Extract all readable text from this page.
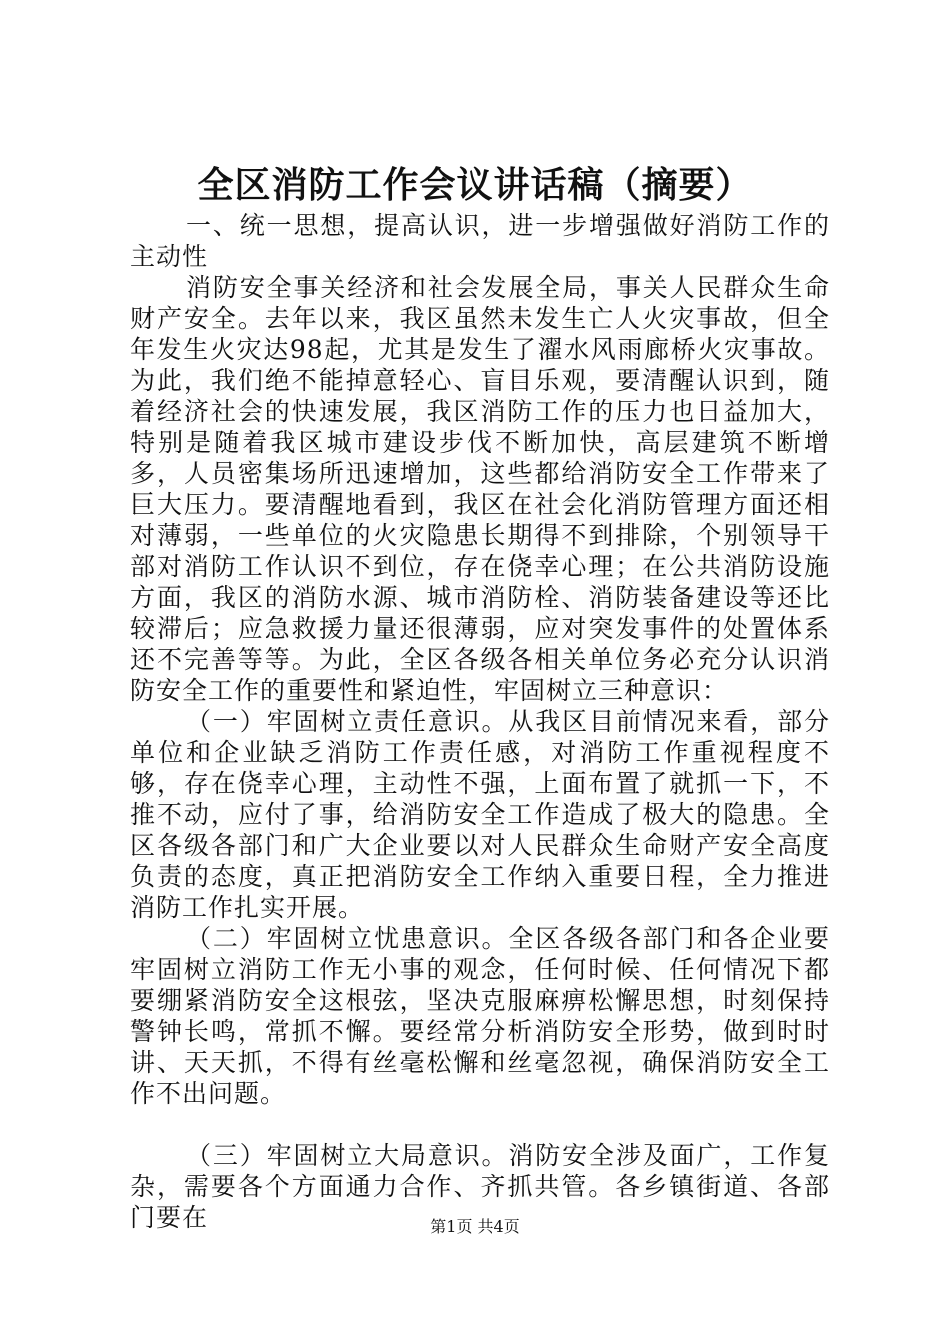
全区消防工作会议讲话稿（摘要）

一、统一思想，提高认识，进一步增强做好消防工作的主动性

消防安全事关经济和社会发展全局，事关人民群众生命财产安全。去年以来，我区虽然未发生亡人火灾事故，但全年发生火灾达98起，尤其是发生了濯水风雨廊桥火灾事故。为此，我们绝不能掉意轻心、盲目乐观，要清醒认识到，随着经济社会的快速发展，我区消防工作的压力也日益加大，特别是随着我区城市建设步伐不断加快，高层建筑不断增多，人员密集场所迅速增加，这些都给消防安全工作带来了巨大压力。要清醒地看到，我区在社会化消防管理方面还相对薄弱，一些单位的火灾隐患长期得不到排除，个别领导干部对消防工作认识不到位，存在侥幸心理；在公共消防设施方面，我区的消防水源、城市消防栓、消防装备建设等还比较滞后；应急救援力量还很薄弱，应对突发事件的处置体系还不完善等等。为此，全区各级各相关单位务必充分认识消防安全工作的重要性和紧迫性，牢固树立三种意识：

（一）牢固树立责任意识。从我区目前情况来看，部分单位和企业缺乏消防工作责任感，对消防工作重视程度不够，存在侥幸心理，主动性不强，上面布置了就抓一下，不推不动，应付了事，给消防安全工作造成了极大的隐患。全区各级各部门和广大企业要以对人民群众生命财产安全高度负责的态度，真正把消防安全工作纳入重要日程，全力推进消防工作扎实开展。

（二）牢固树立忧患意识。全区各级各部门和各企业要牢固树立消防工作无小事的观念，任何时候、任何情况下都要绷紧消防安全这根弦，坚决克服麻痹松懈思想，时刻保持警钟长鸣，常抓不懈。要经常分析消防安全形势，做到时时讲、天天抓，不得有丝毫松懈和丝毫忽视，确保消防安全工作不出问题。

（三）牢固树立大局意识。消防安全涉及面广，工作复杂，需要各个方面通力合作、齐抓共管。各乡镇街道、各部门要在	第1页 共4页
